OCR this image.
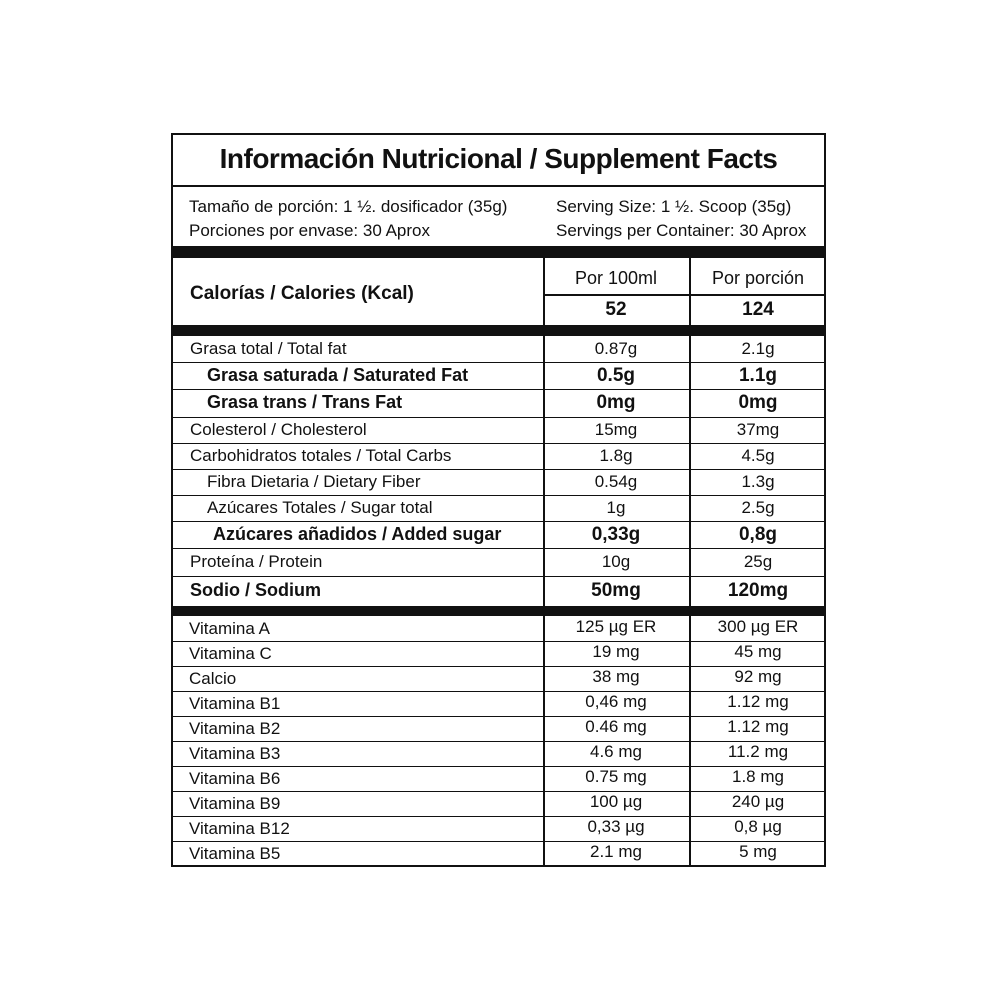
Información Nutricional / Supplement Facts
Tamaño de porción: 1 ½. dosificador (35g)	Serving Size: 1 ½. Scoop (35g)
Porciones por envase: 30 Aprox	Servings per Container: 30 Aprox
Calorías / Calories (Kcal)
Por 100ml	Por porción
52	124
Grasa total / Total fat	0.87g	2.1g
Grasa saturada / Saturated Fat	0.5g	1.1g
Grasa trans / Trans Fat	0mg	0mg
Colesterol / Cholesterol	15mg	37mg
Carbohidratos totales / Total Carbs	1.8g	4.5g
Fibra Dietaria / Dietary Fiber	0.54g	1.3g
Azúcares Totales / Sugar total	1g	2.5g
Azúcares añadidos / Added sugar	0,33g	0,8g
Proteína / Protein	10g	25g
Sodio / Sodium	50mg	120mg
Vitamina A	125 µg ER	300 µg ER
Vitamina C	19 mg	45 mg
Calcio	38 mg	92 mg
Vitamina B1	0,46 mg	1.12 mg
Vitamina B2	0.46 mg	1.12 mg
Vitamina B3	4.6 mg	11.2 mg
Vitamina B6	0.75 mg	1.8 mg
Vitamina B9	100 µg	240 µg
Vitamina B12	0,33 µg	0,8 µg
Vitamina B5	2.1 mg	5 mg
